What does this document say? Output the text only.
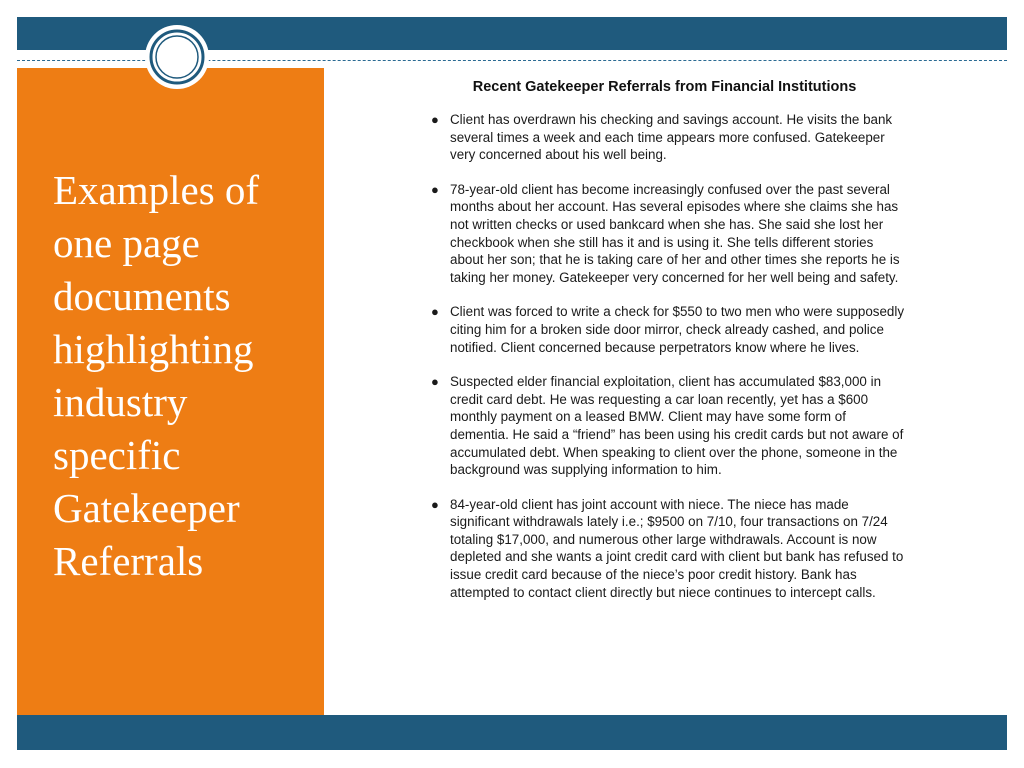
Examples of one page documents highlighting industry specific Gatekeeper Referrals
Recent Gatekeeper Referrals from Financial Institutions
● Client has overdrawn his checking and savings account. He visits the bank several times a week and each time appears more confused. Gatekeeper very concerned about his well being.
● 78-year-old client has become increasingly confused over the past several months about her account. Has several episodes where she claims she has not written checks or used bankcard when she has. She said she lost her checkbook when she still has it and is using it. She tells different stories about her son; that he is taking care of her and other times she reports he is taking her money. Gatekeeper very concerned for her well being and safety.
● Client was forced to write a check for $550 to two men who were supposedly citing him for a broken side door mirror, check already cashed, and police notified. Client concerned because perpetrators know where he lives.
● Suspected elder financial exploitation, client has accumulated $83,000 in credit card debt. He was requesting a car loan recently, yet has a $600 monthly payment on a leased BMW. Client may have some form of dementia. He said a “friend” has been using his credit cards but not aware of accumulated debt. When speaking to client over the phone, someone in the background was supplying information to him.
● 84-year-old client has joint account with niece. The niece has made significant withdrawals lately i.e.; $9500 on 7/10, four transactions on 7/24 totaling $17,000, and numerous other large withdrawals. Account is now depleted and she wants a joint credit card with client but bank has refused to issue credit card because of the niece’s poor credit history. Bank has attempted to contact client directly but niece continues to intercept calls.
